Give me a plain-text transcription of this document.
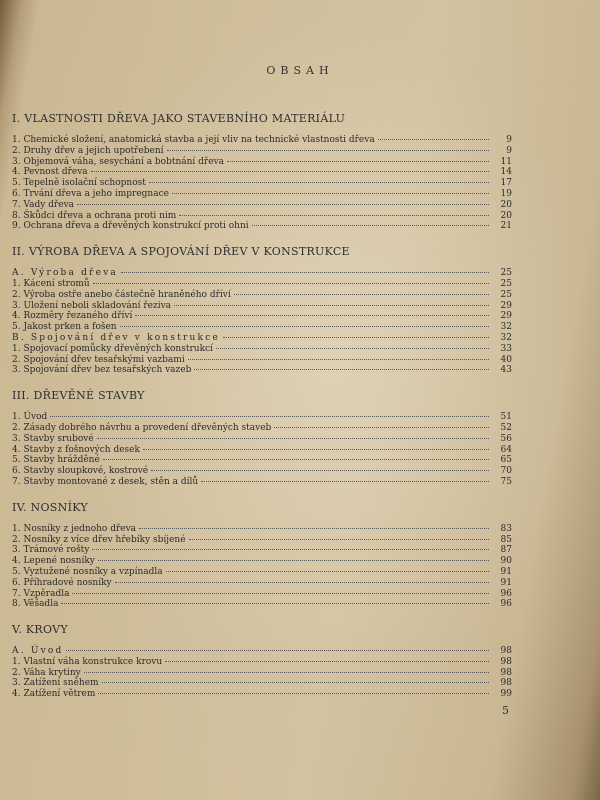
OBSAH
I. VLASTNOSTI DŘEVA JAKO STAVEBNÍHO MATERIÁLU
1. Chemické složení, anatomická stavba a její vliv na technické vlastnosti dřeva	9
2. Druhy dřev a jejich upotřebení	9
3. Objemová váha, sesychání a bobtnání dřeva	11
4. Pevnost dřeva	14
5. Tepelně isolační schopnost	17
6. Trvání dřeva a jeho impregnace	19
7. Vady dřeva	20
8. Škůdci dřeva a ochrana proti nim	20
9. Ochrana dřeva a dřevěných konstrukcí proti ohni	21
II. VÝROBA DŘEVA A SPOJOVÁNÍ DŘEV V KONSTRUKCE
A. Výroba dřeva	25
1. Kácení stromů	25
2. Výroba ostře anebo částečně hraněného dříví	25
3. Uložení neboli skladování řeziva	29
4. Rozměry řezaného dříví	29
5. Jakost prken a fošen	32
B. Spojování dřev v konstrukce	32
1. Spojovací pomůcky dřevěných konstrukcí	33
2. Spojování dřev tesařskými vazbami	40
3. Spojování dřev bez tesařských vazeb	43
III. DŘEVĚNÉ STAVBY
1. Úvod	51
2. Zásady dobrého návrhu a provedení dřevěných staveb	52
3. Stavby srubové	56
4. Stavby z fošnových desek	64
5. Stavby hrážděné	65
6. Stavby sloupkové, kostrové	70
7. Stavby montované z desek, stěn a dílů	75
IV. NOSNÍKY
1. Nosníky z jednoho dřeva	83
2. Nosníky z více dřev hřebíky sbíjené	85
3. Trámové rošty	87
4. Lepené nosníky	90
5. Vyztužené nosníky a vzpínadla	91
6. Příhradové nosníky	91
7. Vzpěradla	96
8. Věšadla	96
V. KROVY
A. Úvod	98
1. Vlastní váha konstrukce krovu	98
2. Váha krytiny	98
3. Zatížení sněhem	98
4. Zatížení větrem	99
5
